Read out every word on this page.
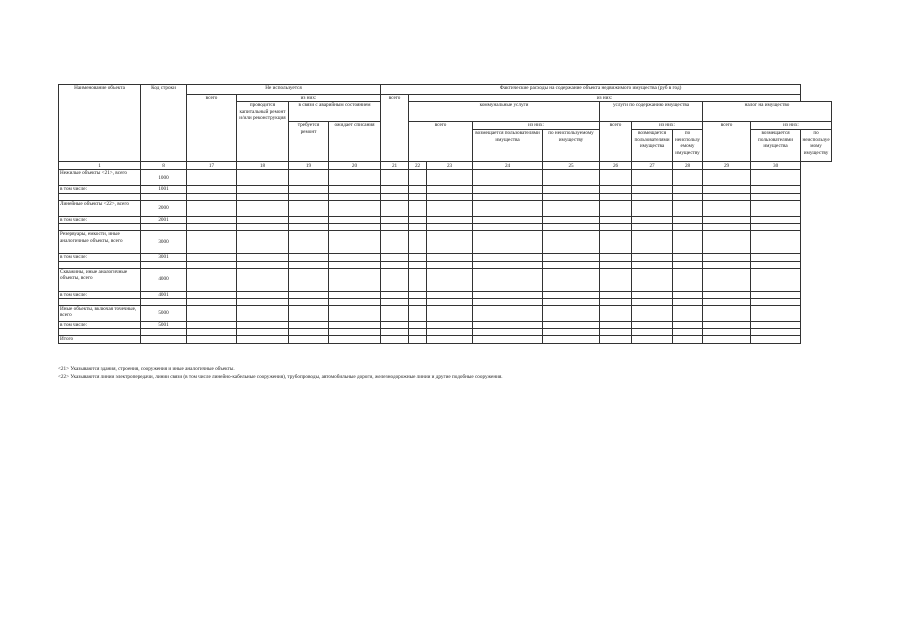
Наименование объекта	Код строки	Не используется				Фактические расходы на содержание объекта недвижимого имущества (руб в год)										
		всего	из них:			всего	из них:									
			проводится капитальный ремонт и/или реконструкция	в связи с аварийным состоянием			коммунальные услуги				услуги по содержанию имущества			налог на имущество		
				требуется ремонт	ожидает списания		всего		из них:		всего	из них:		всего	из них:	
									возмещается пользователями имущества	по неиспользуемому имуществу		возмещается пользователями имущества	по неиспользуемому имуществу		возмещается пользователями имущества	по неиспользуемому имуществу
1	8	17	18	19	20	21	22	23	24	25	26	27	28	29	30	
Нежилые объекты <21>, всего	1000															
в том числе:	1001															

Линейные объекты <22>, всего	2000															
в том числе:	2001															

Резервуары, емкости, иные аналогичные объекты, всего	3000															
в том числе:	3001															

Скважины, иные аналогичные объекты, всего	4000															
в том числе:	4001															

Иные объекты, включая точечные, всего	5000															
в том числе:	5001															

Итого																
<21> Указываются здания, строения, сооружения и иные аналогичные объекты.
<22> Указываются линии электропередачи, линии связи (в том числе линейно-кабельные сооружения), трубопроводы, автомобильные дороги, железнодорожные линии и другие подобные сооружения.
